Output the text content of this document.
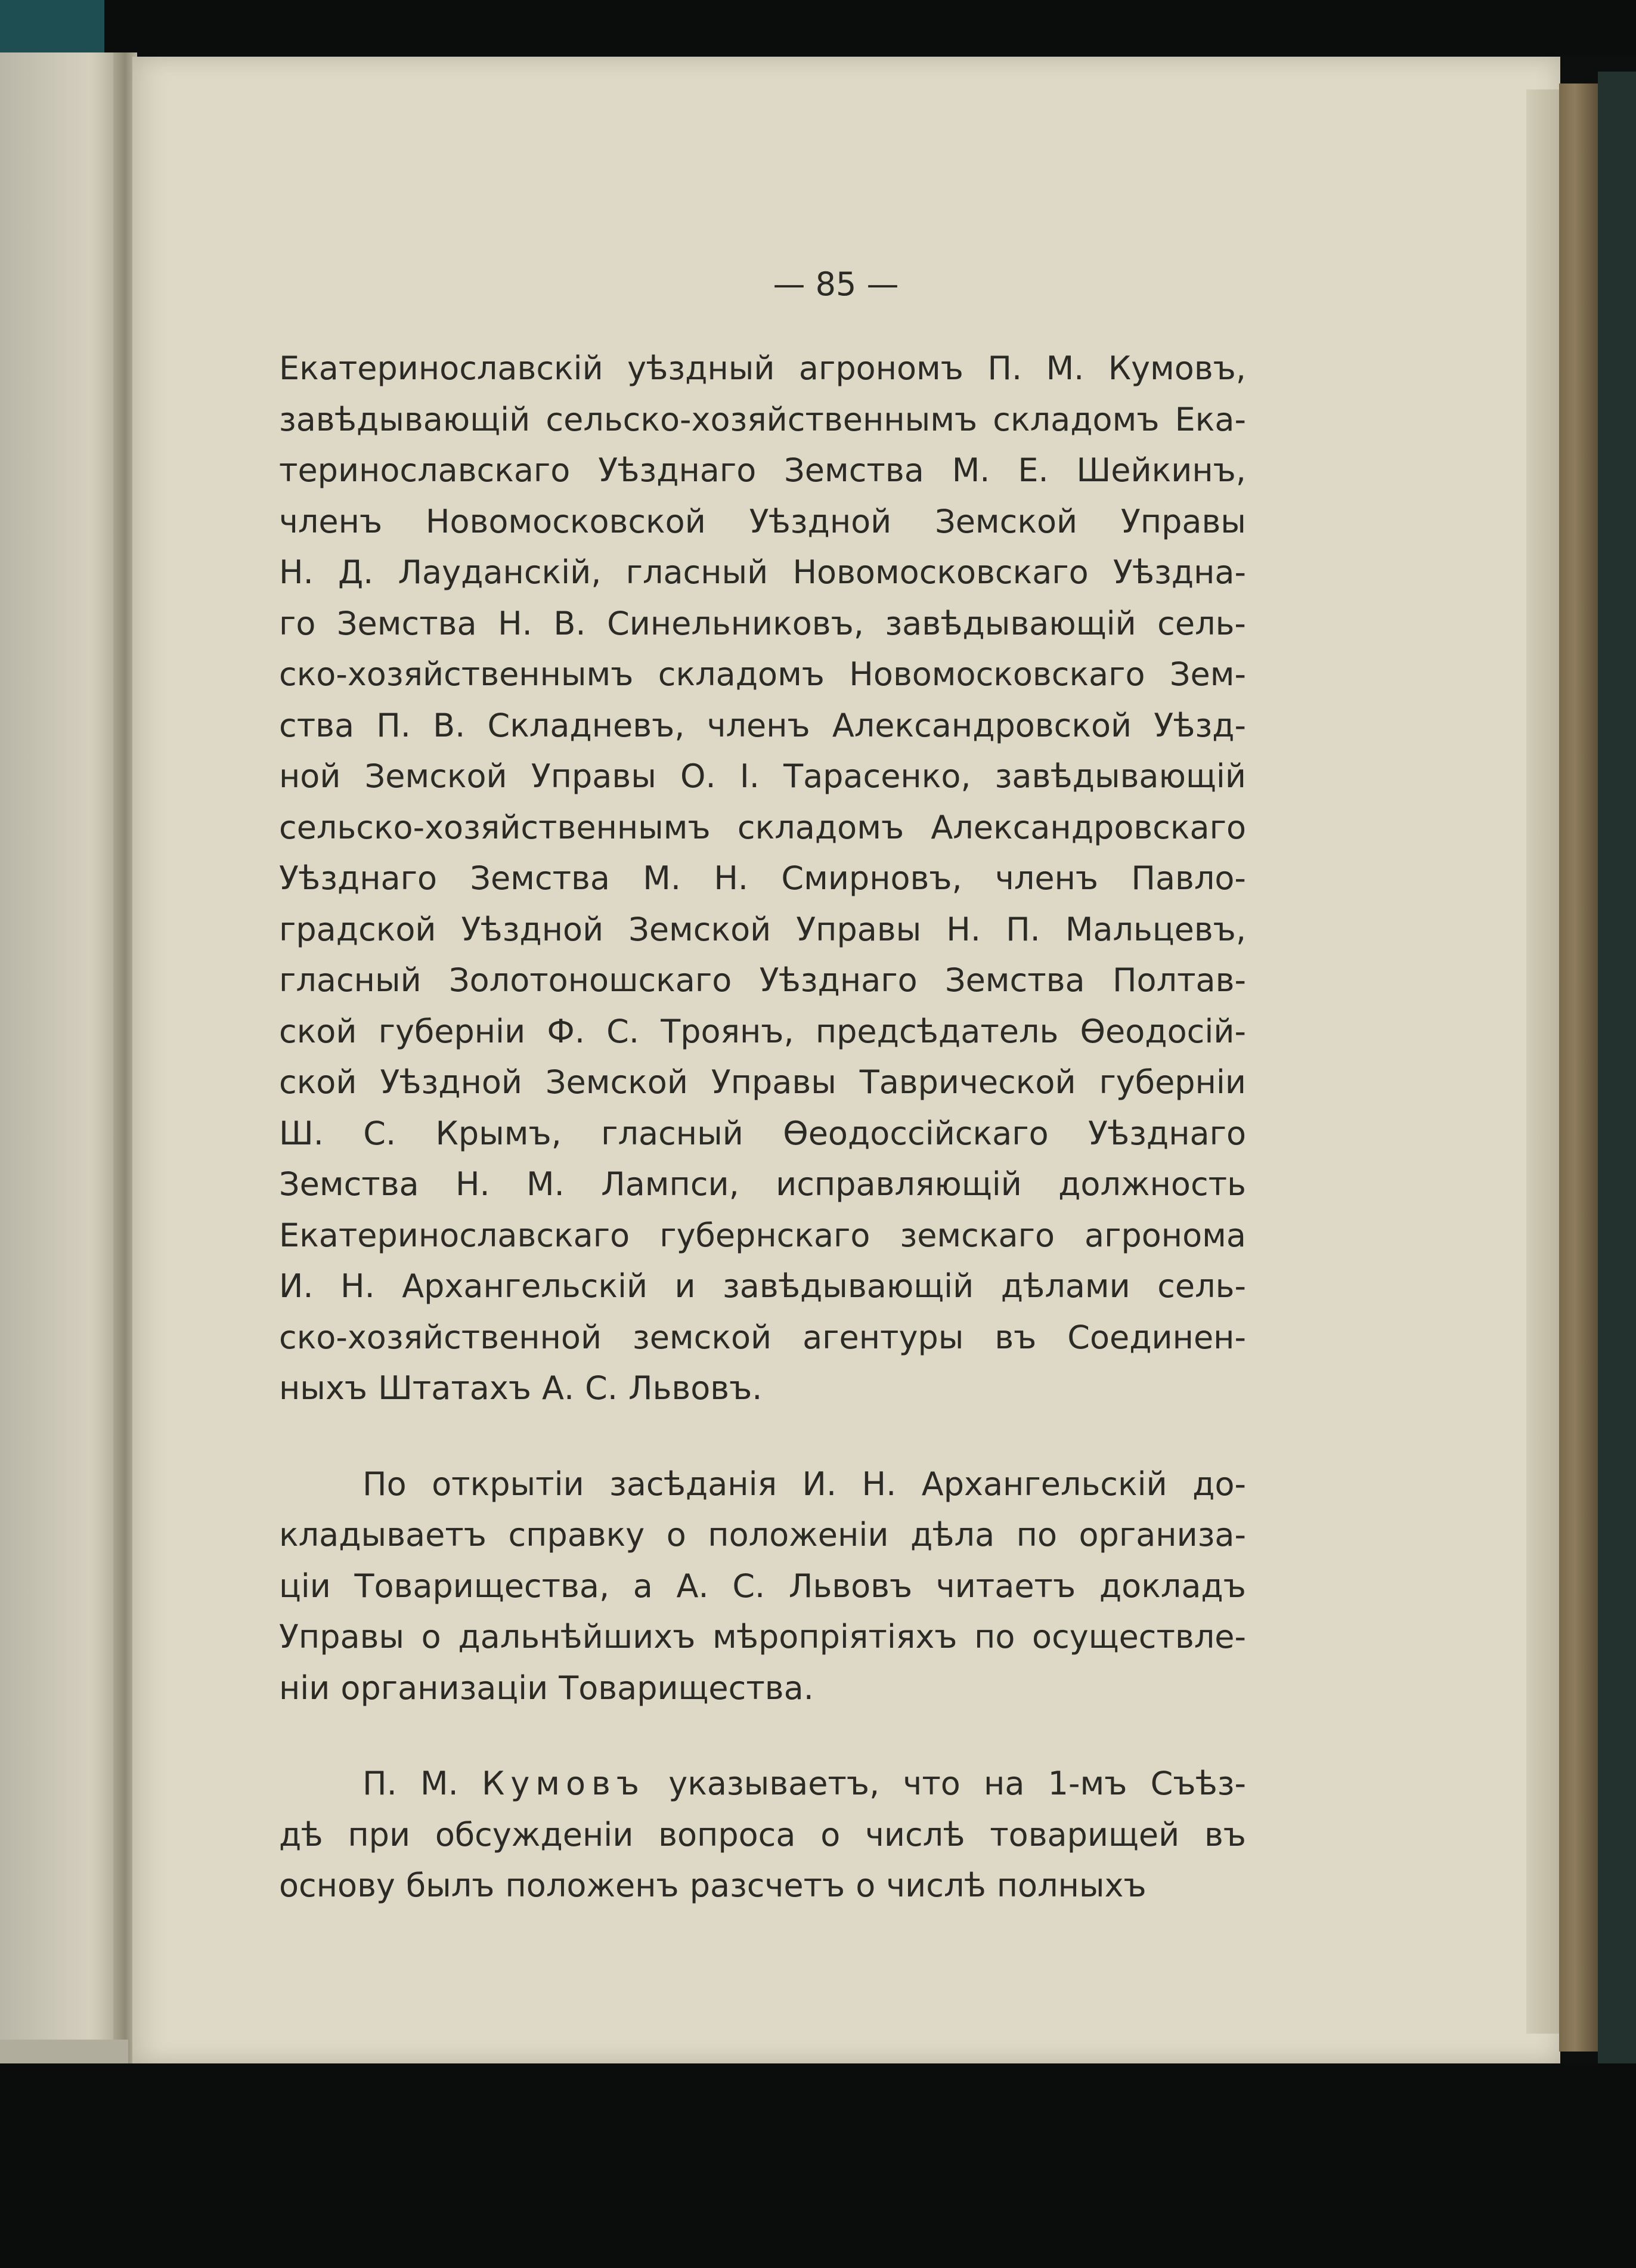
— 85 —
Екатеринославскій уѣздный агрономъ П. М. Кумовъ,
завѣдывающій сельско-хозяйственнымъ складомъ Ека-
теринославскаго Уѣзднаго Земства М. Е. Шейкинъ,
членъ Новомосковской Уѣздной Земской Управы
Н. Д. Лауданскій, гласный Новомосковскаго Уѣздна-
го Земства Н. В. Синельниковъ, завѣдывающій сель-
ско-хозяйственнымъ складомъ Новомосковскаго Зем-
ства П. В. Складневъ, членъ Александровской Уѣзд-
ной Земской Управы О. І. Тарасенко, завѣдывающій
сельско-хозяйственнымъ складомъ Александровскаго
Уѣзднаго Земства М. Н. Смирновъ, членъ Павло-
градской Уѣздной Земской Управы Н. П. Мальцевъ,
гласный Золотоношскаго Уѣзднаго Земства Полтав-
ской губерніи Ф. С. Троянъ, предсѣдатель Ѳеодосій-
ской Уѣздной Земской Управы Таврической губерніи
Ш. С. Крымъ, гласный Ѳеодоссійскаго Уѣзднаго
Земства Н. М. Лампси, исправляющій должность
Екатеринославскаго губернскаго земскаго агронома
И. Н. Архангельскій и завѣдывающій дѣлами сель-
ско-хозяйственной земской агентуры въ Соединен-
ныхъ Штатахъ А. С. Львовъ.
По открытіи засѣданія И. Н. Архангельскій до-
кладываетъ справку о положеніи дѣла по организа-
ціи Товарищества, а А. С. Львовъ читаетъ докладъ
Управы о дальнѣйшихъ мѣропріятіяхъ по осуществле-
ніи организаціи Товарищества.
П. М. Кумовъ указываетъ, что на 1-мъ Съѣз-
дѣ при обсужденіи вопроса о числѣ товарищей въ
основу былъ положенъ разсчетъ о числѣ полныхъ
